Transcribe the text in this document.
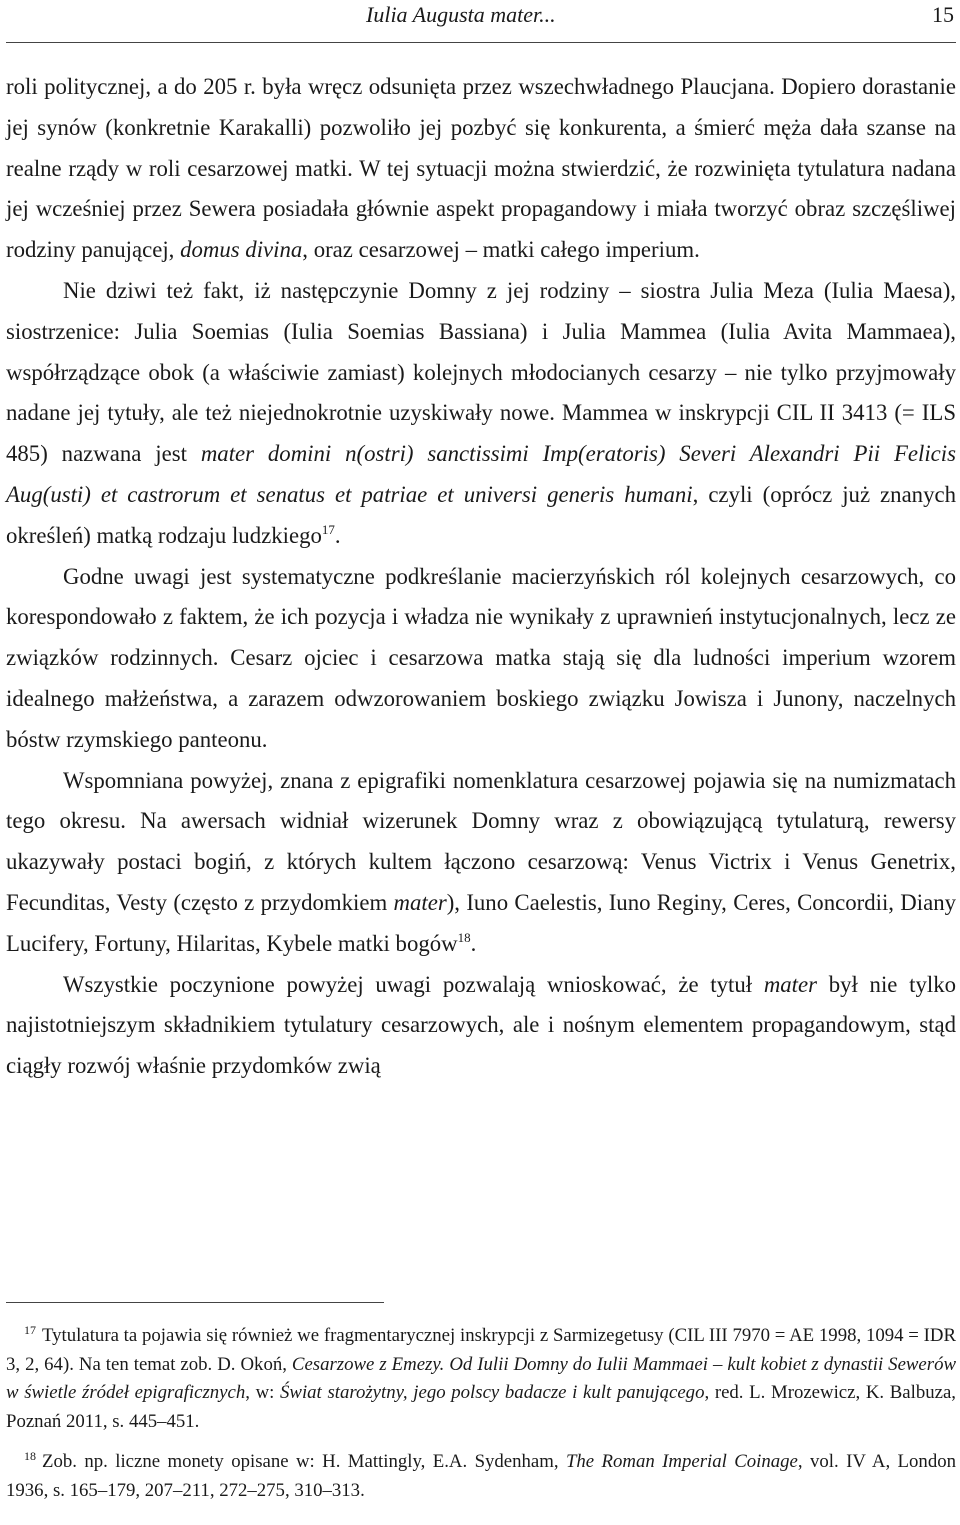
Iulia Augusta mater...	15

roli politycznej, a do 205 r. była wręcz odsunięta przez wszechwładnego Plaucjana. Dopiero dorastanie jej synów (konkretnie Karakalli) pozwoliło jej pozbyć się konkurenta, a śmierć męża dała szanse na realne rządy w roli cesarzowej matki. W tej sytuacji można stwierdzić, że rozwinięta tytulatura nadana jej wcześniej przez Sewera posiadała głównie aspekt propagandowy i miała tworzyć obraz szczęśliwej rodziny panującej, domus divina, oraz cesarzowej – matki całego imperium.

Nie dziwi też fakt, iż następczynie Domny z jej rodziny – siostra Julia Meza (Iulia Maesa), siostrzenice: Julia Soemias (Iulia Soemias Bassiana) i Julia Mammea (Iulia Avita Mammaea), współrządzące obok (a właściwie zamiast) kolejnych młodocianych cesarzy – nie tylko przyjmowały nadane jej tytuły, ale też niejednokrotnie uzyskiwały nowe. Mammea w inskrypcji CIL II 3413 (= ILS 485) nazwana jest mater domini n(ostri) sanctissimi Imp(eratoris) Severi Alexandri Pii Felicis Aug(usti) et castrorum et senatus et patriae et universi generis humani, czyli (oprócz już znanych określeń) matką rodzaju ludzkiego$^{17}$.

Godne uwagi jest systematyczne podkreślanie macierzyńskich ról kolejnych cesarzowych, co korespondowało z faktem, że ich pozycja i władza nie wynikały z uprawnień instytucjonalnych, lecz ze związków rodzinnych. Cesarz ojciec i cesarzowa matka stają się dla ludności imperium wzorem idealnego małżeństwa, a zarazem odwzorowaniem boskiego związku Jowisza i Junony, naczelnych bóstw rzymskiego panteonu.

Wspomniana powyżej, znana z epigrafiki nomenklatura cesarzowej pojawia się na numizmatach tego okresu. Na awersach widniał wizerunek Domny wraz z obowiązującą tytulaturą, rewersy ukazywały postaci bogiń, z których kultem łączono cesarzową: Venus Victrix i Venus Genetrix, Fecunditas, Vesty (często z przydomkiem mater), Iuno Caelestis, Iuno Reginy, Ceres, Concordii, Diany Lucifery, Fortuny, Hilaritas, Kybele matki bogów$^{18}$.

Wszystkie poczynione powyżej uwagi pozwalają wnioskować, że tytuł mater był nie tylko najistotniejszym składnikiem tytulatury cesarzowych, ale i nośnym elementem propagandowym, stąd ciągły rozwój właśnie przydomków zwią

$^{17}$ Tytulatura ta pojawia się również we fragmentarycznej inskrypcji z Sarmizegetusy (CIL III 7970 = AE 1998, 1094 = IDR 3, 2, 64). Na ten temat zob. D. Okoń, Cesarzowe z Emezy. Od Iulii Domny do Iulii Mammaei – kult kobiet z dynastii Sewerów w świetle źródeł epigraficznych, w: Świat starożytny, jego polscy badacze i kult panującego, red. L. Mrozewicz, K. Balbuza, Poznań 2011, s. 445–451.

$^{18}$ Zob. np. liczne monety opisane w: H. Mattingly, E.A. Sydenham, The Roman Imperial Coinage, vol. IV A, London 1936, s. 165–179, 207–211, 272–275, 310–313.
